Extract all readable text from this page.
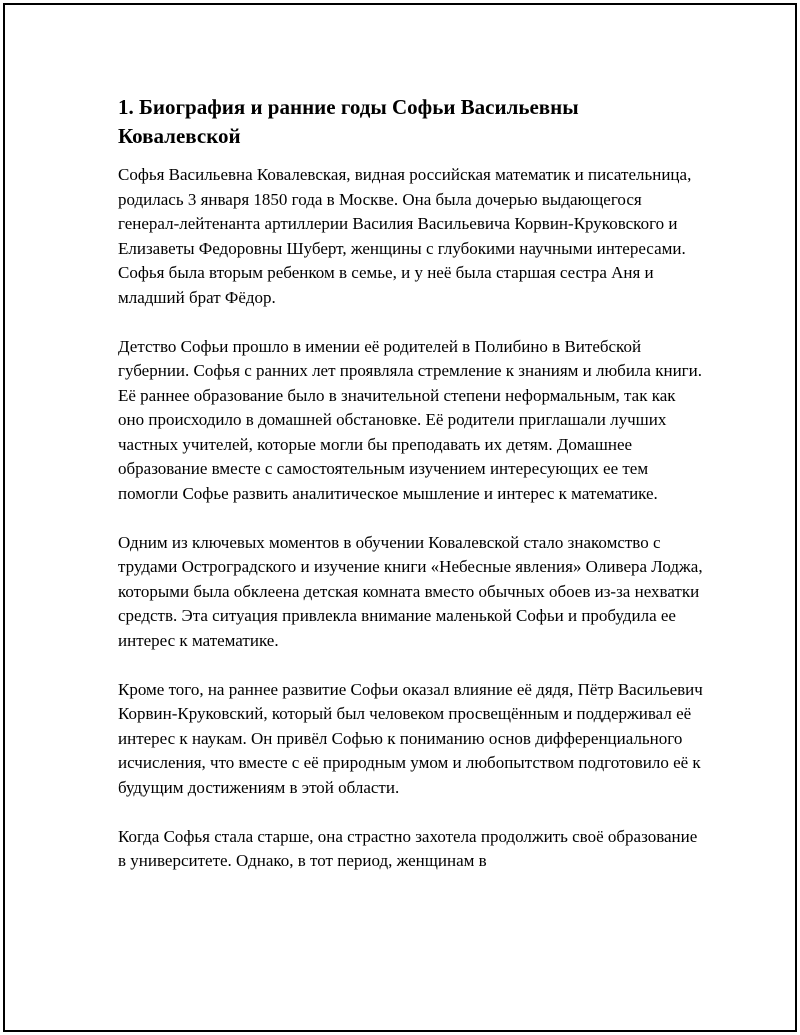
1. Биография и ранние годы Софьи Васильевны Ковалевской

Софья Васильевна Ковалевская, видная российская математик и писательница, родилась 3 января 1850 года в Москве. Она была дочерью выдающегося генерал-лейтенанта артиллерии Василия Васильевича Корвин-Круковского и Елизаветы Федоровны Шуберт, женщины с глубокими научными интересами. Софья была вторым ребенком в семье, и у неё была старшая сестра Аня и младший брат Фёдор.

Детство Софьи прошло в имении её родителей в Полибино в Витебской губернии. Софья с ранних лет проявляла стремление к знаниям и любила книги. Её раннее образование было в значительной степени неформальным, так как оно происходило в домашней обстановке. Её родители приглашали лучших частных учителей, которые могли бы преподавать их детям. Домашнее образование вместе с самостоятельным изучением интересующих ее тем помогли Софье развить аналитическое мышление и интерес к математике.

Одним из ключевых моментов в обучении Ковалевской стало знакомство с трудами Остроградского и изучение книги «Небесные явления» Оливера Лоджа, которыми была обклеена детская комната вместо обычных обоев из-за нехватки средств. Эта ситуация привлекла внимание маленькой Софьи и пробудила ее интерес к математике.

Кроме того, на раннее развитие Софьи оказал влияние её дядя, Пётр Васильевич Корвин-Круковский, который был человеком просвещённым и поддерживал её интерес к наукам. Он привёл Софью к пониманию основ дифференциального исчисления, что вместе с её природным умом и любопытством подготовило её к будущим достижениям в этой области.

Когда Софья стала старше, она страстно захотела продолжить своё образование в университете. Однако, в тот период, женщинам в
